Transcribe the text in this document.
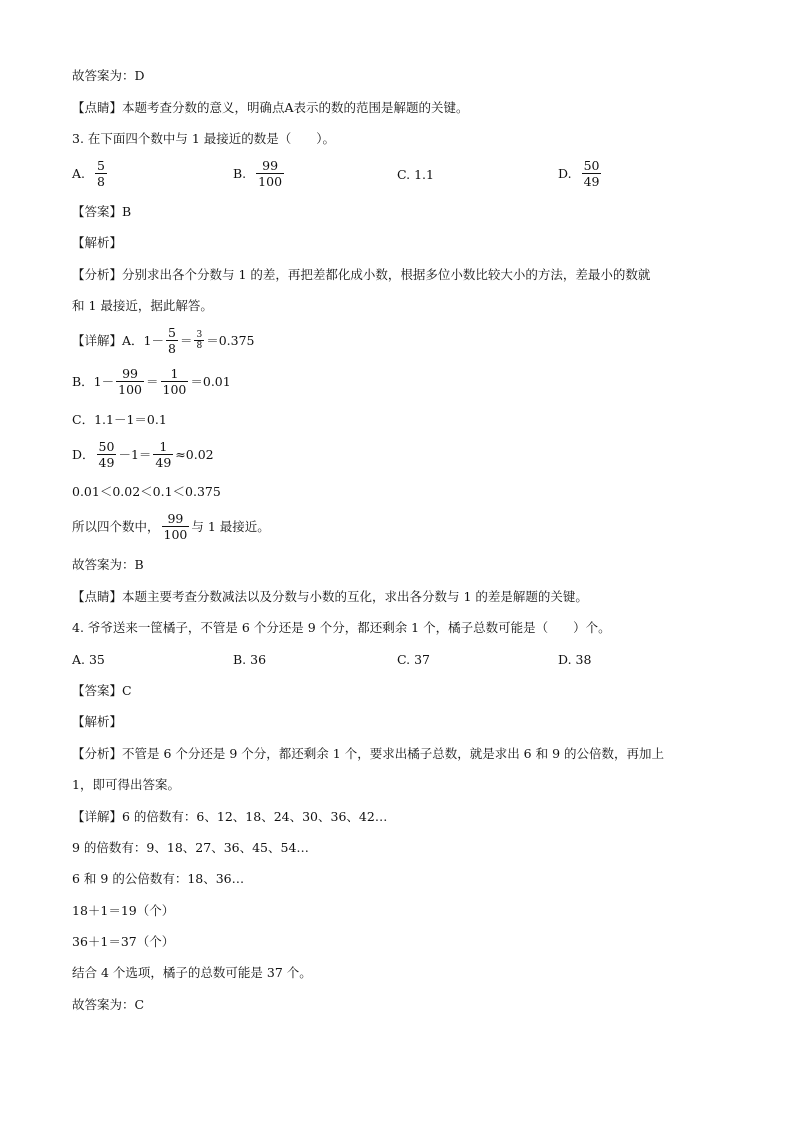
故答案为：D
【点睛】本题考查分数的意义，明确点A表示的数的范围是解题的关键。
3. 在下面四个数中与 1 最接近的数是（　　）。
A. $\frac{5}{8}$	B. $\frac{99}{100}$	C. 1.1	D. $\frac{50}{49}$
【答案】B
【解析】
【分析】分别求出各个分数与 1 的差，再把差都化成小数，根据多位小数比较大小的方法，差最小的数就
和 1 最接近，据此解答。
【详解】A．$1- \frac{5}{8} = \frac{3}{8} =0.375$
B．$1- \frac{99}{100} = \frac{1}{100} =0.01$
C．1.1－1＝0.1
D． $\frac{50}{49} -1= \frac{1}{49} \approx 0.02$
0.01＜0.02＜0.1＜0.375
所以四个数中， $\frac{99}{100}$ 与 1 最接近。
故答案为：B
【点睛】本题主要考查分数减法以及分数与小数的互化，求出各分数与 1 的差是解题的关键。
4. 爷爷送来一筐橘子，不管是 6 个分还是 9 个分，都还剩余 1 个，橘子总数可能是（　　）个。
A. 35	B. 36	C. 37	D. 38
【答案】C
【解析】
【分析】不管是 6 个分还是 9 个分，都还剩余 1 个，要求出橘子总数，就是求出 6 和 9 的公倍数，再加上
1，即可得出答案。
【详解】6 的倍数有：6、12、18、24、30、36、42…
9 的倍数有：9、18、27、36、45、54…
6 和 9 的公倍数有：18、36…
18＋1＝19（个）
36＋1＝37（个）
结合 4 个选项，橘子的总数可能是 37 个。
故答案为：C
